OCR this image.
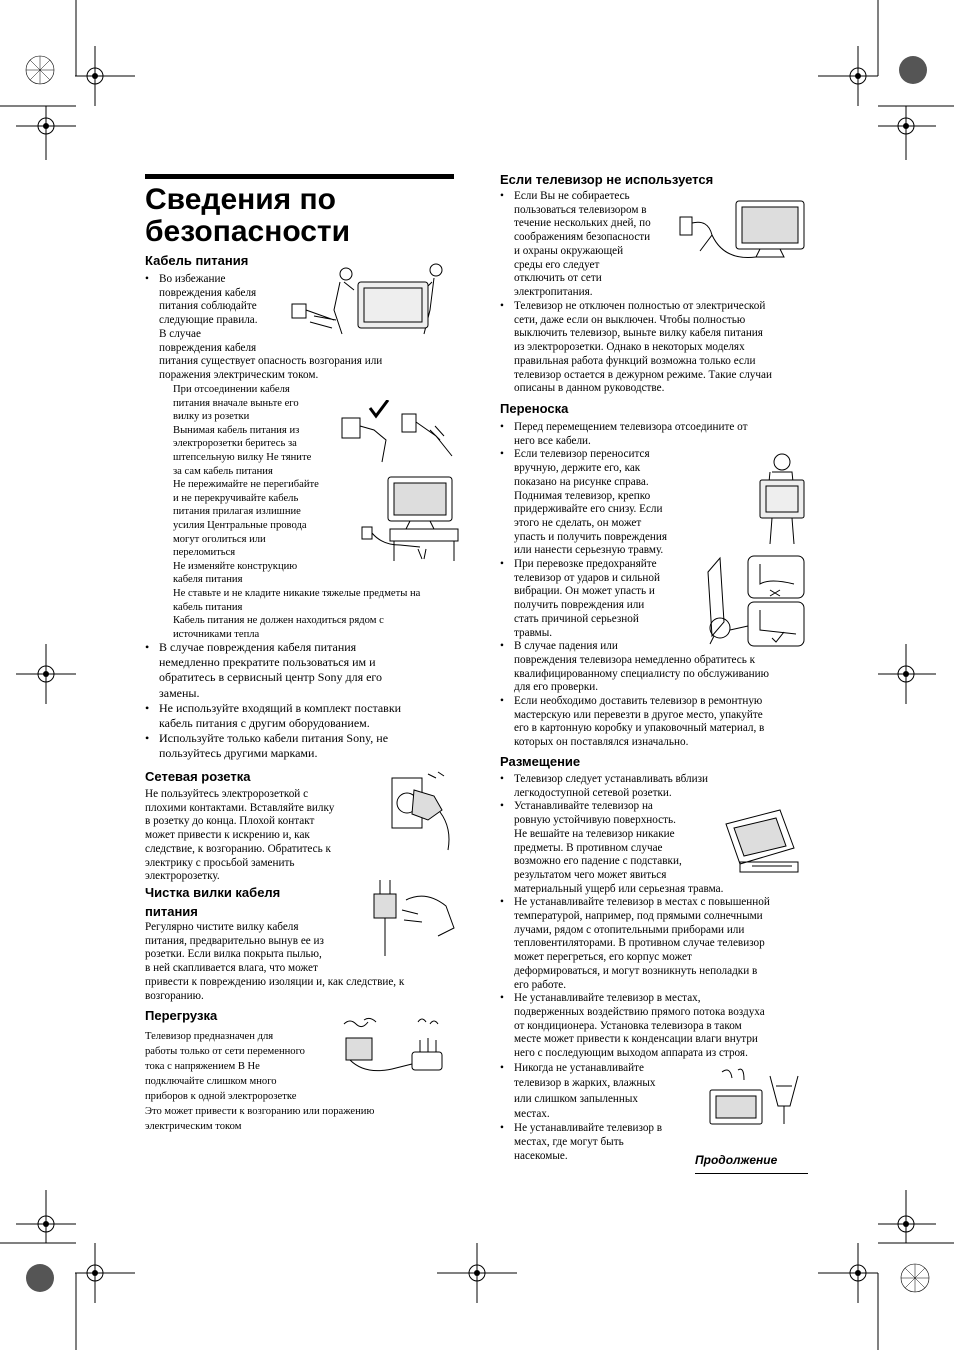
Сведения по безопасности
Кабель питания
• Во избежание
повреждения кабеля
питания соблюдайте
следующие правила.
В случае
повреждения кабеля
питания существует опасность возгорания или
поражения электрическим током.
При отсоединении кабеля
питания вначале выньте его
вилку из розетки
Вынимая кабель питания из
электророзетки беритесь за
штепсельную вилку Не тяните
за сам кабель питания
Не пережимайте не перегибайте
и не перекручивайте кабель
питания прилагая излишние
усилия Центральные провода
могут оголиться или
переломиться
Не изменяйте конструкцию
кабеля питания
Не ставьте и не кладите никакие тяжелые предметы на
кабель питания
Кабель питания не должен находиться рядом с
источниками тепла
• В случае повреждения кабеля питания
немедленно прекратите пользоваться им и
обратитесь в сервисный центр Sony для его
замены.
• Не используйте входящий в комплект поставки
кабель питания с другим оборудованием.
• Используйте только кабели питания Sony, не
пользуйтесь другими марками.
Сетевая розетка
Не пользуйтесь электророзеткой с
плохими контактами. Вставляйте вилку
в розетку до конца. Плохой контакт
может привести к искрению и, как
следствие, к возгоранию. Обратитесь к
электрику с просьбой заменить
электророзетку.
Чистка вилки кабеля
питания
Регулярно чистите вилку кабеля
питания, предварительно вынув ее из
розетки. Если вилка покрыта пылью,
в ней скапливается влага, что может
привести к повреждению изоляции и, как следствие, к
возгоранию.
Перегрузка
Телевизор предназначен для
работы только от сети переменного
тока с напряжением В Не
подключайте слишком много
приборов к одной электророзетке
Это может привести к возгоранию или поражению
электрическим током
Если телевизор не используется
• Если Вы не собираетесь
пользоваться телевизором в
течение нескольких дней, по
соображениям безопасности
и охраны окружающей
среды его следует
отключить от сети
электропитания.
• Телевизор не отключен полностью от электрической
сети, даже если он выключен. Чтобы полностью
выключить телевизор, выньте вилку кабеля питания
из электророзетки. Однако в некоторых моделях
правильная работа функций возможна только если
телевизор остается в дежурном режиме. Такие случаи
описаны в данном руководстве.
Переноска
• Перед перемещением телевизора отсоедините от
него все кабели.
• Если телевизор переносится
вручную, держите его, как
показано на рисунке справа.
Поднимая телевизор, крепко
придерживайте его снизу. Если
этого не сделать, он может
упасть и получить повреждения
или нанести серьезную травму.
• При перевозке предохраняйте
телевизор от ударов и сильной
вибрации. Он может упасть и
получить повреждения или
стать причиной серьезной
травмы.
• В случае падения или
повреждения телевизора немедленно обратитесь к
квалифицированному специалисту по обслуживанию
для его проверки.
• Если необходимо доставить телевизор в ремонтную
мастерскую или перевезти в другое место, упакуйте
его в картонную коробку и упаковочный материал, в
которых он поставлялся изначально.
Размещение
• Телевизор следует устанавливать вблизи
легкодоступной сетевой розетки.
• Устанавливайте телевизор на
ровную устойчивую поверхность.
Не вешайте на телевизор никакие
предметы. В противном случае
возможно его падение с подставки,
результатом чего может явиться
материальный ущерб или серьезная травма.
• Не устанавливайте телевизор в местах с повышенной
температурой, например, под прямыми солнечными
лучами, рядом с отопительными приборами или
тепловентиляторами. В противном случае телевизор
может перегреться, его корпус может
деформироваться, и могут возникнуть неполадки в
его работе.
• Не устанавливайте телевизор в местах,
подверженных воздействию прямого потока воздуха
от кондиционера. Установка телевизора в таком
месте может привести к конденсации влаги внутри
него с последующим выходом аппарата из строя.
• Никогда не устанавливайте
телевизор в жарких, влажных
или слишком запыленных
местах.
• Не устанавливайте телевизор в
местах, где могут быть
насекомые.	Продолжение
